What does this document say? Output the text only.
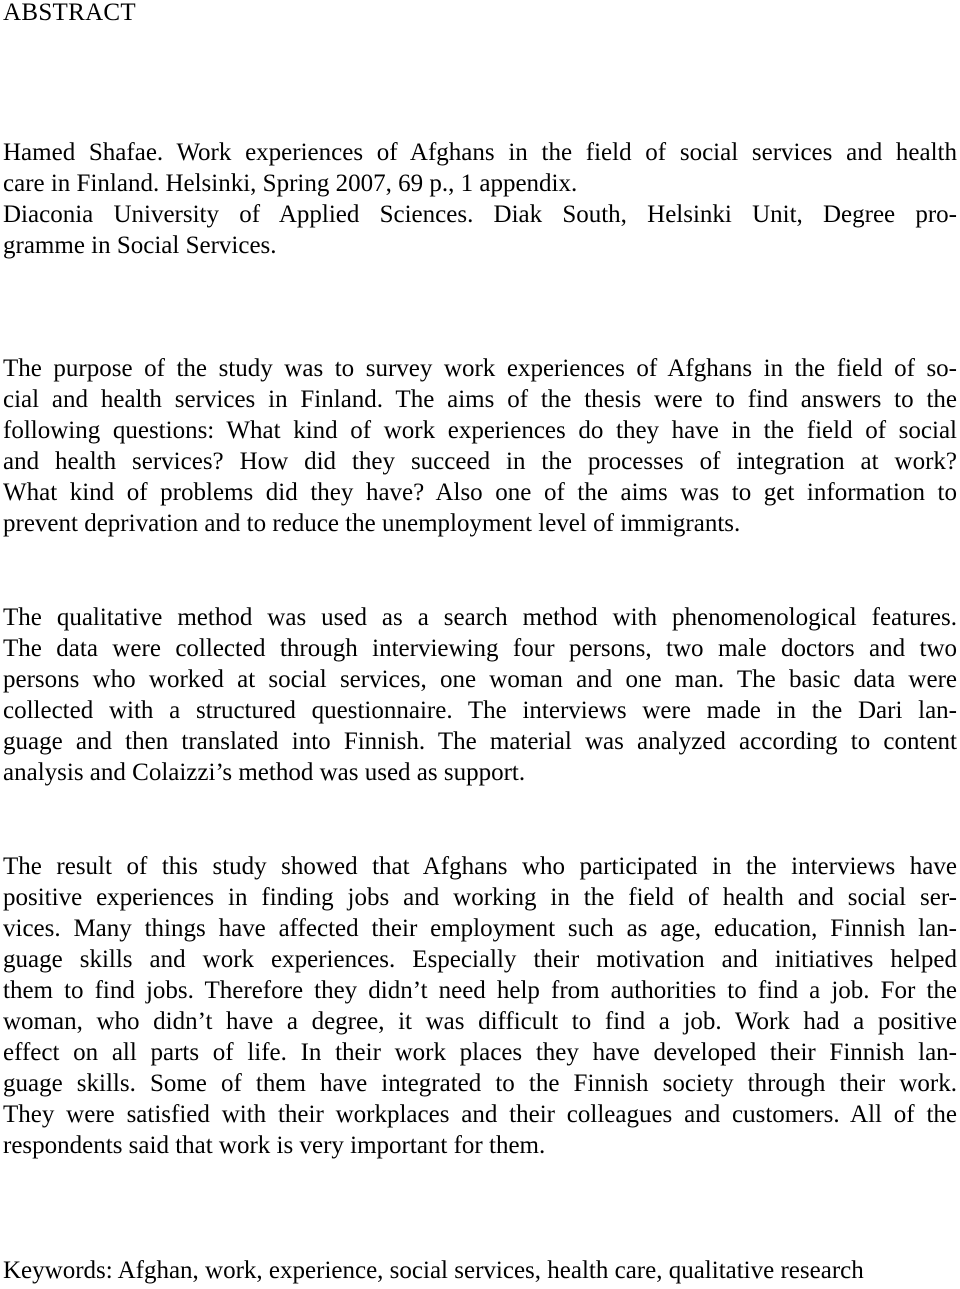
ABSTRACT
Hamed Shafae. Work experiences of Afghans in the field of social services and health
care in Finland. Helsinki, Spring 2007, 69 p., 1 appendix.
Diaconia University of Applied Sciences. Diak South, Helsinki Unit, Degree pro-
gramme in Social Services.
The purpose of the study was to survey work experiences of Afghans in the field of so-
cial and health services in Finland. The aims of the thesis were to find answers to the
following questions: What kind of work experiences do they have in the field of social
and health services? How did they succeed in the processes of integration at work?
What kind of problems did they have? Also one of the aims was to get information to
prevent deprivation and to reduce the unemployment level of immigrants.
The qualitative method was used as a search method with phenomenological features.
The data were collected through interviewing four persons, two male doctors and two
persons who worked at social services, one woman and one man. The basic data were
collected with a structured questionnaire. The interviews were made in the Dari lan-
guage and then translated into Finnish. The material was analyzed according to content
analysis and Colaizzi’s method was used as support.
The result of this study showed that Afghans who participated in the interviews have
positive experiences in finding jobs and working in the field of health and social ser-
vices. Many things have affected their employment such as age, education, Finnish lan-
guage skills and work experiences. Especially their motivation and initiatives helped
them to find jobs. Therefore they didn’t need help from authorities to find a job. For the
woman, who didn’t have a degree, it was difficult to find a job. Work had a positive
effect on all parts of life. In their work places they have developed their Finnish lan-
guage skills. Some of them have integrated to the Finnish society through their work.
They were satisfied with their workplaces and their colleagues and customers. All of the
respondents said that work is very important for them.
Keywords: Afghan, work, experience, social services, health care, qualitative research
